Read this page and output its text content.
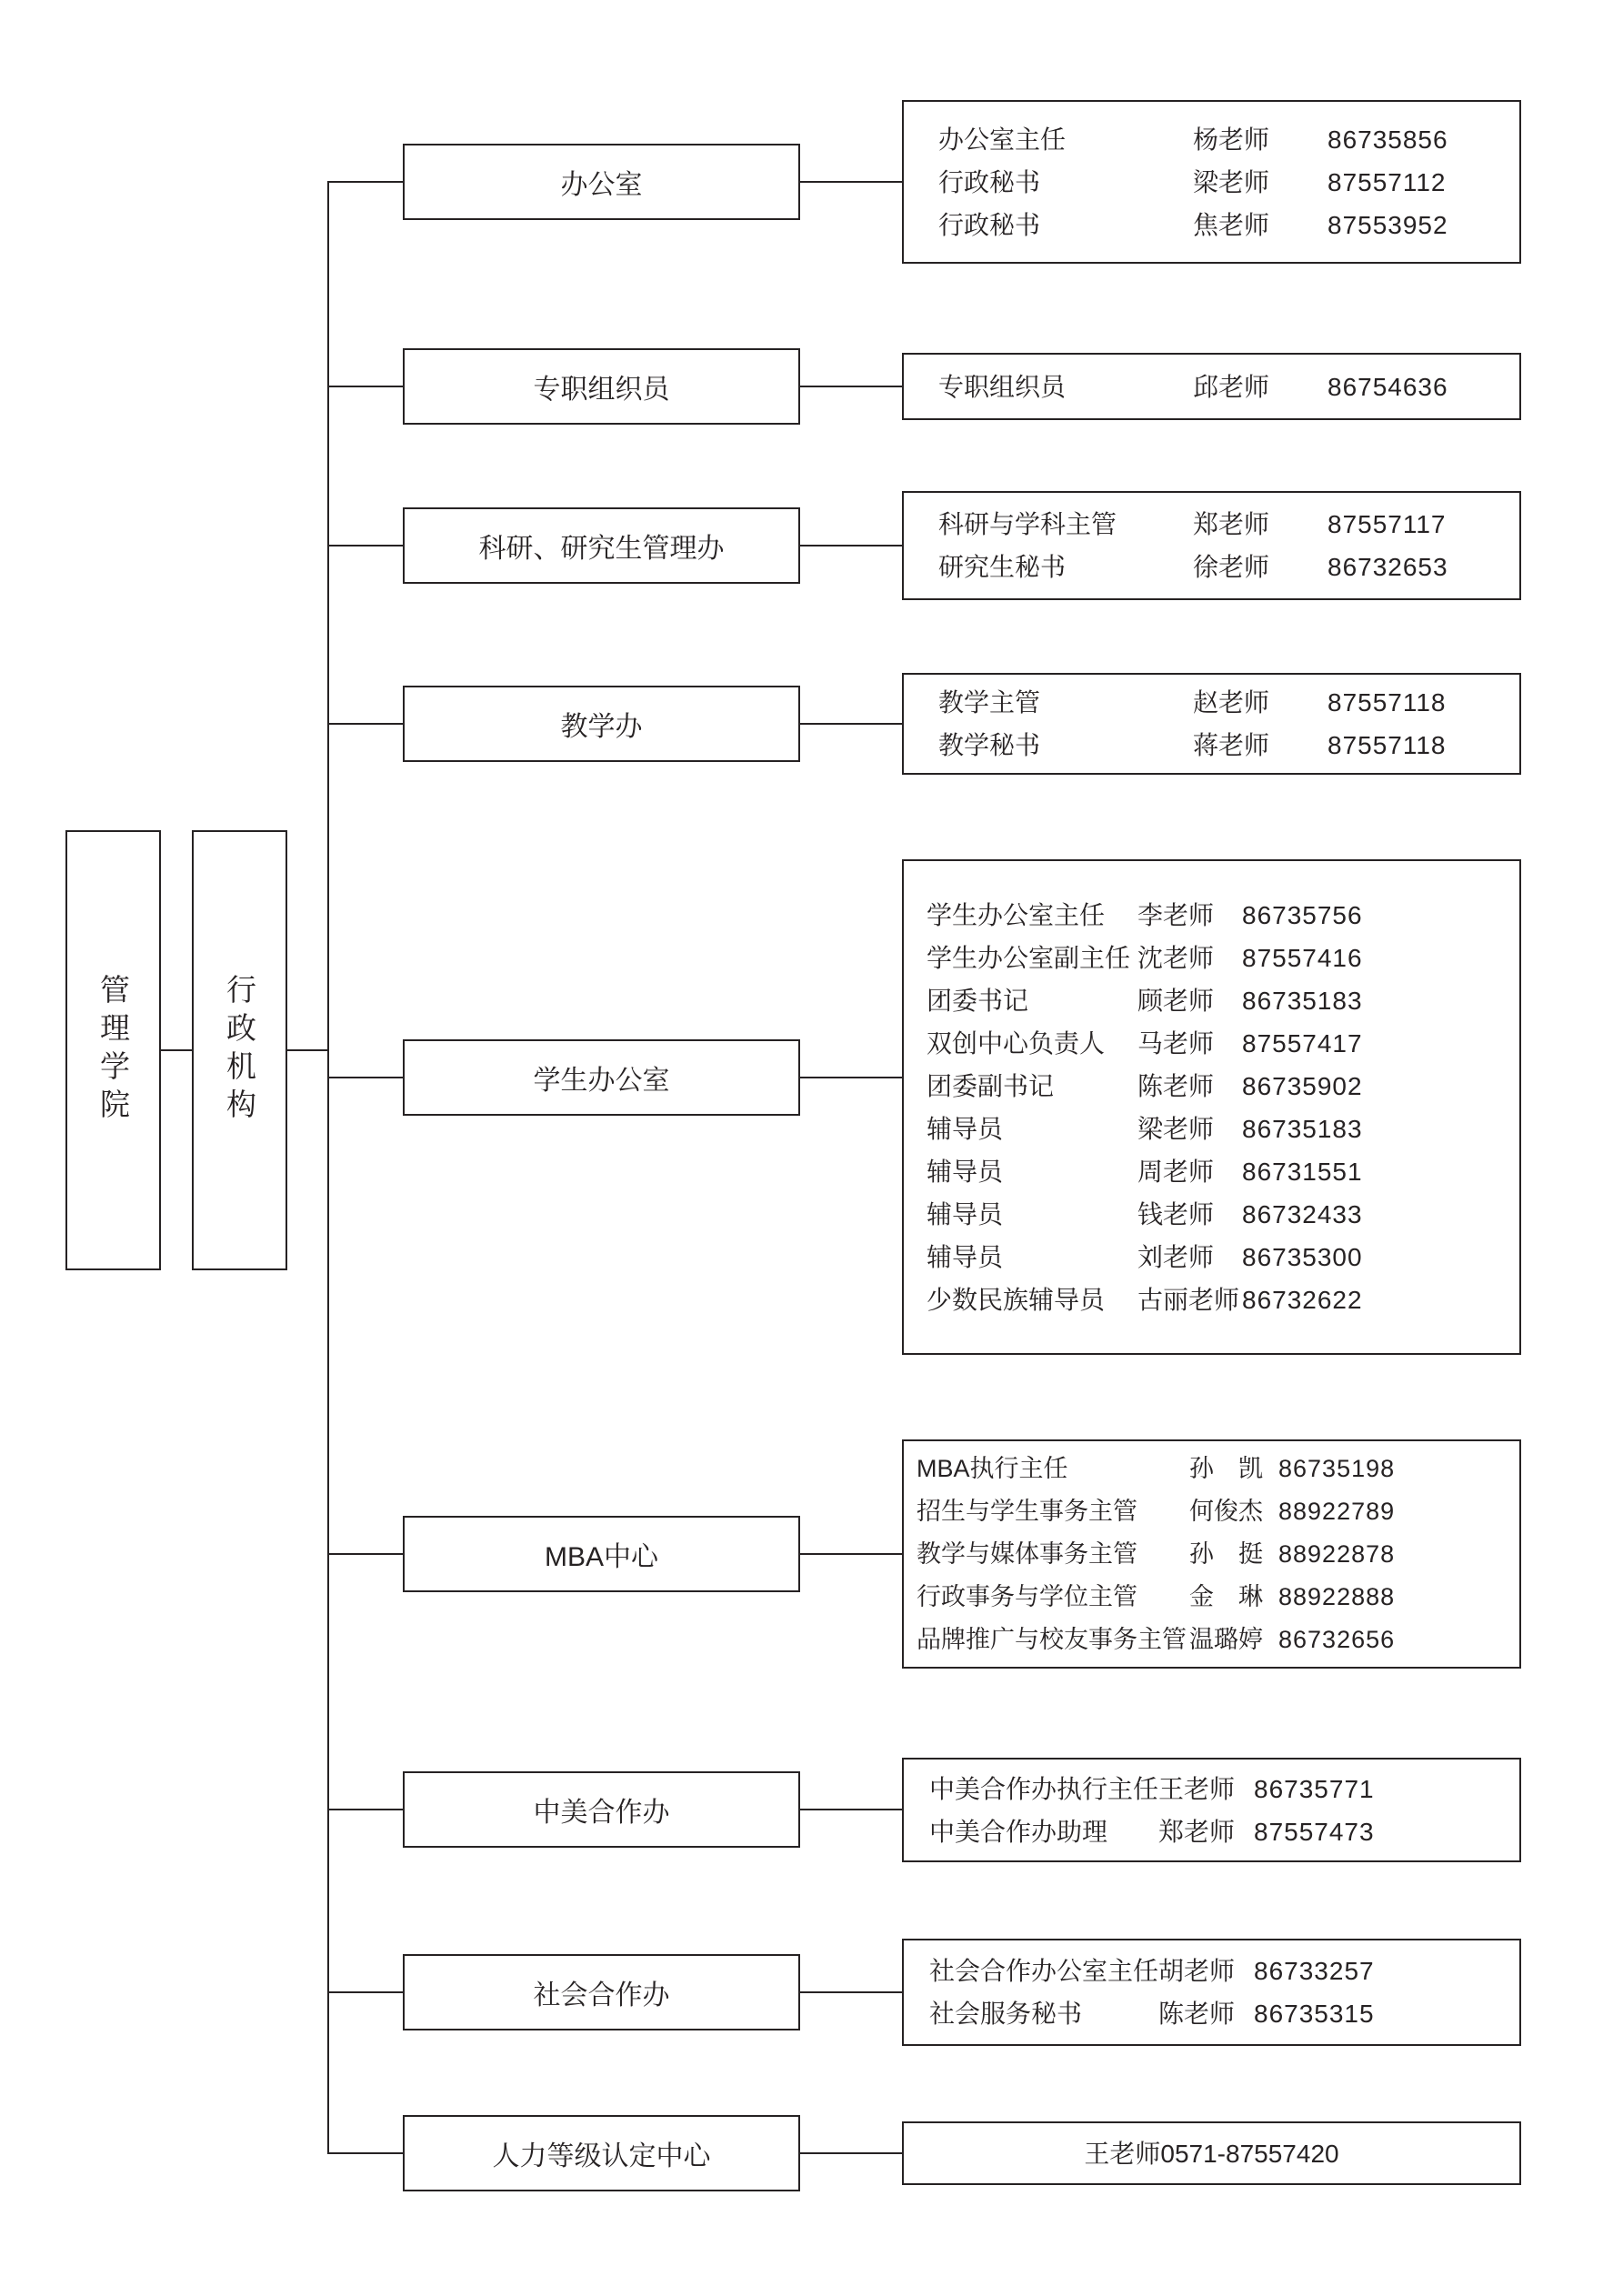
管理学院	行政机构
办公室
办公室主任	杨老师	86735856
行政秘书	梁老师	87557112
行政秘书	焦老师	87553952
专职组织员	专职组织员	邱老师	86754636
科研、研究生管理办
科研与学科主管	郑老师	87557117
研究生秘书	徐老师	86732653
教学办
教学主管	赵老师	87557118
教学秘书	蒋老师	87557118
学生办公室
学生办公室主任	李老师	86735756
学生办公室副主任 沈老师	87557416
团委书记	顾老师	86735183
双创中心负责人	马老师	87557417
团委副书记	陈老师	86735902
辅导员	梁老师	86735183
辅导员	周老师	86731551
辅导员	钱老师	86732433
辅导员	刘老师	86735300
少数民族辅导员	古丽老师 86732622
MBA中心
MBA执行主任	孙　凯 86735198
招生与学生事务主管	何俊杰 88922789
教学与媒体事务主管	孙　挺 88922878
行政事务与学位主管	金　琳 88922888
品牌推广与校友事务主管 温璐婷 86732656
中美合作办
中美合作办执行主任 王老师 86735771
中美合作办助理	郑老师 87557473
社会合作办
社会合作办公室主任 胡老师 86733257
社会服务秘书	陈老师 86735315
人力等级认定中心	王老师0571-87557420
